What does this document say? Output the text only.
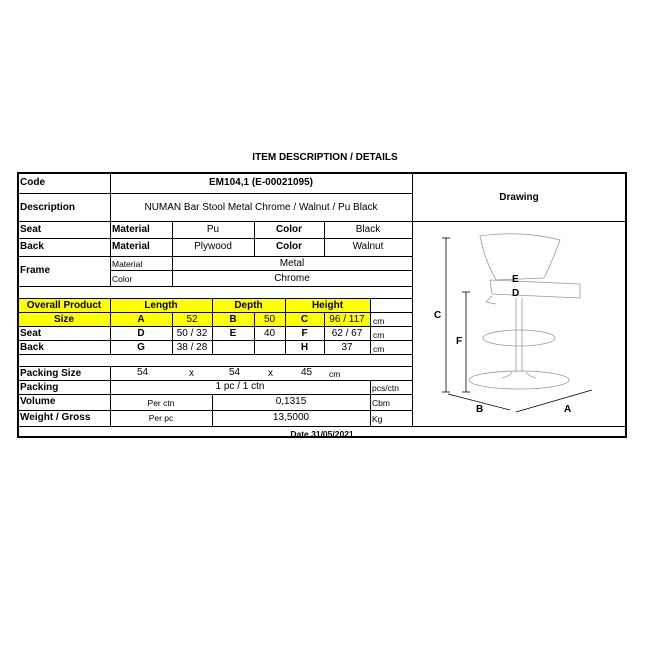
ITEM DESCRIPTION / DETAILS
Code	EM104,1 (E-00021095)
Description	NUMAN Bar Stool Metal Chrome / Walnut / Pu Black
Seat	Material	Pu	Color	Black
Back	Material	Plywood	Color	Walnut
Frame
Material	Metal
Color	Chrome
Overall Product
Size
Length	Depth	Height
A	52	B	50	C	96 / 117 cm
Seat	D	50 / 32	E	40	F	62 / 67	cm
Back	G	38 / 28	H	37	cm
Packing Size	54	x	54	x	45 cm
Packing	1 pc / 1 ctn	pcs/ctn
Volume	Per ctn	0,1315	Cbm
Weight / Gross	Per pc	13,5000	Kg
Date 31/05/2021
Drawing
C
F
E
D
B	A
